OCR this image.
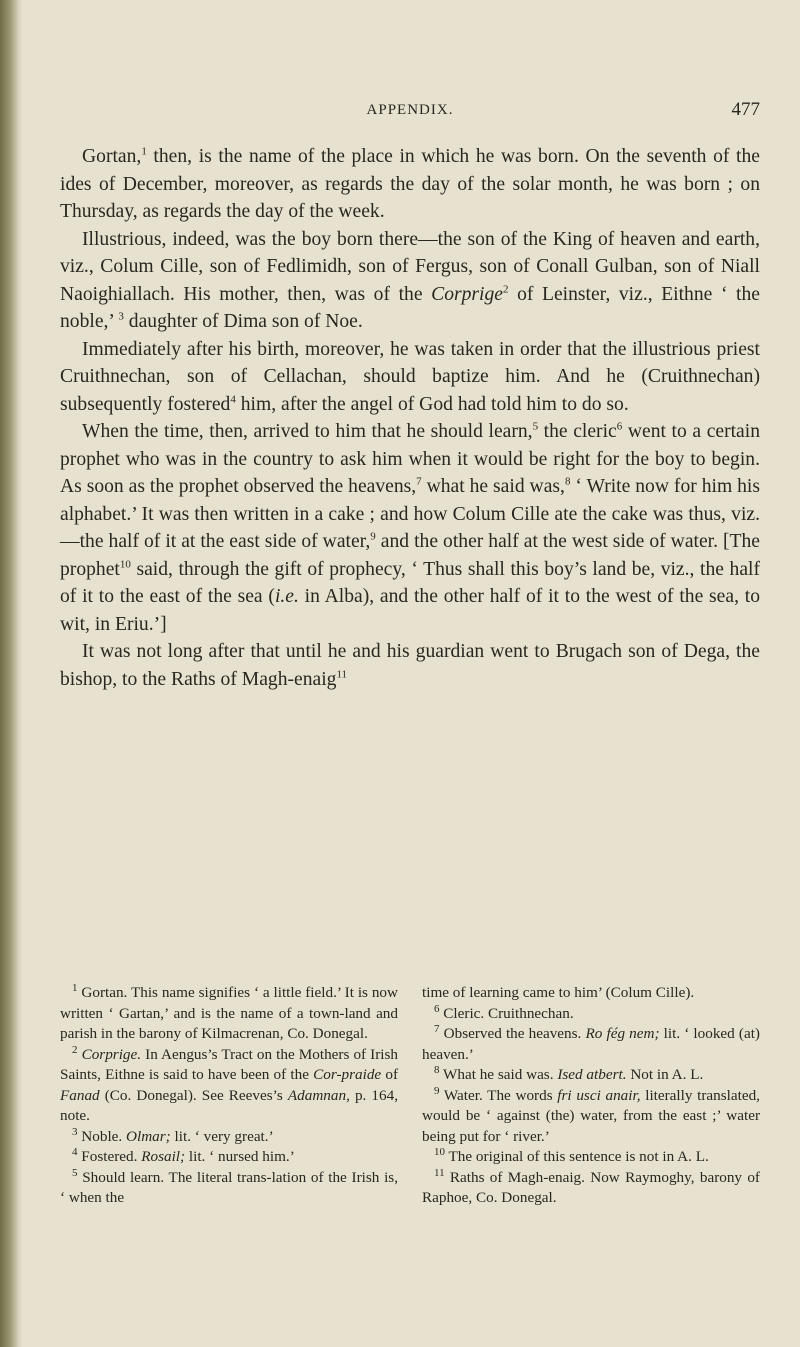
APPENDIX.	477

Gortan,$^1$ then, is the name of the place in which he was born. On the seventh of the ides of December, moreover, as regards the day of the solar month, he was born ; on Thursday, as regards the day of the week.

Illustrious, indeed, was the boy born there—the son of the King of heaven and earth, viz., Colum Cille, son of Fedlimidh, son of Fergus, son of Conall Gulban, son of Niall Naoighiallach. His mother, then, was of the Corprige$^2$ of Leinster, viz., Eithne ‘ the noble,’ $^3$ daughter of Dima son of Noe.

Immediately after his birth, moreover, he was taken in order that the illustrious priest Cruithnechan, son of Cellachan, should baptize him. And he (Cruithnechan) subsequently fostered$^4$ him, after the angel of God had told him to do so.

When the time, then, arrived to him that he should learn,$^5$ the cleric$^6$ went to a certain prophet who was in the country to ask him when it would be right for the boy to begin. As soon as the prophet observed the heavens,$^7$ what he said was,$^8$ ‘ Write now for him his alphabet.’ It was then written in a cake ; and how Colum Cille ate the cake was thus, viz.—the half of it at the east side of water,$^9$ and the other half at the west side of water. [The prophet$^{10}$ said, through the gift of prophecy, ‘ Thus shall this boy’s land be, viz., the half of it to the east of the sea (i.e. in Alba), and the other half of it to the west of the sea, to wit, in Eriu.’]

It was not long after that until he and his guardian went to Brugach son of Dega, the bishop, to the Raths of Magh-enaig$^{11}$

$^1$ Gortan. This name signifies ‘ a little field.’ It is now written ‘ Gartan,’ and is the name of a town-land and parish in the barony of Kilmacrenan, Co. Donegal.

$^2$ Corprige. In Aengus’s Tract on the Mothers of Irish Saints, Eithne is said to have been of the Cor-praide of Fanad (Co. Donegal). See Reeves’s Adamnan, p. 164, note.

$^3$ Noble. Olmar; lit. ‘ very great.’

$^4$ Fostered. Rosail; lit. ‘ nursed him.’

$^5$ Should learn. The literal trans-lation of the Irish is, ‘ when the

time of learning came to him’ (Colum Cille).

$^6$ Cleric. Cruithnechan.

$^7$ Observed the heavens. Ro fég nem; lit. ‘ looked (at) heaven.’

$^8$ What he said was. Ised atbert. Not in A. L.

$^9$ Water. The words fri usci anair, literally translated, would be ‘ against (the) water, from the east ;’ water being put for ‘ river.’

$^{10}$ The original of this sentence is not in A. L.

$^{11}$ Raths of Magh-enaig. Now Raymoghy, barony of Raphoe, Co. Donegal.
